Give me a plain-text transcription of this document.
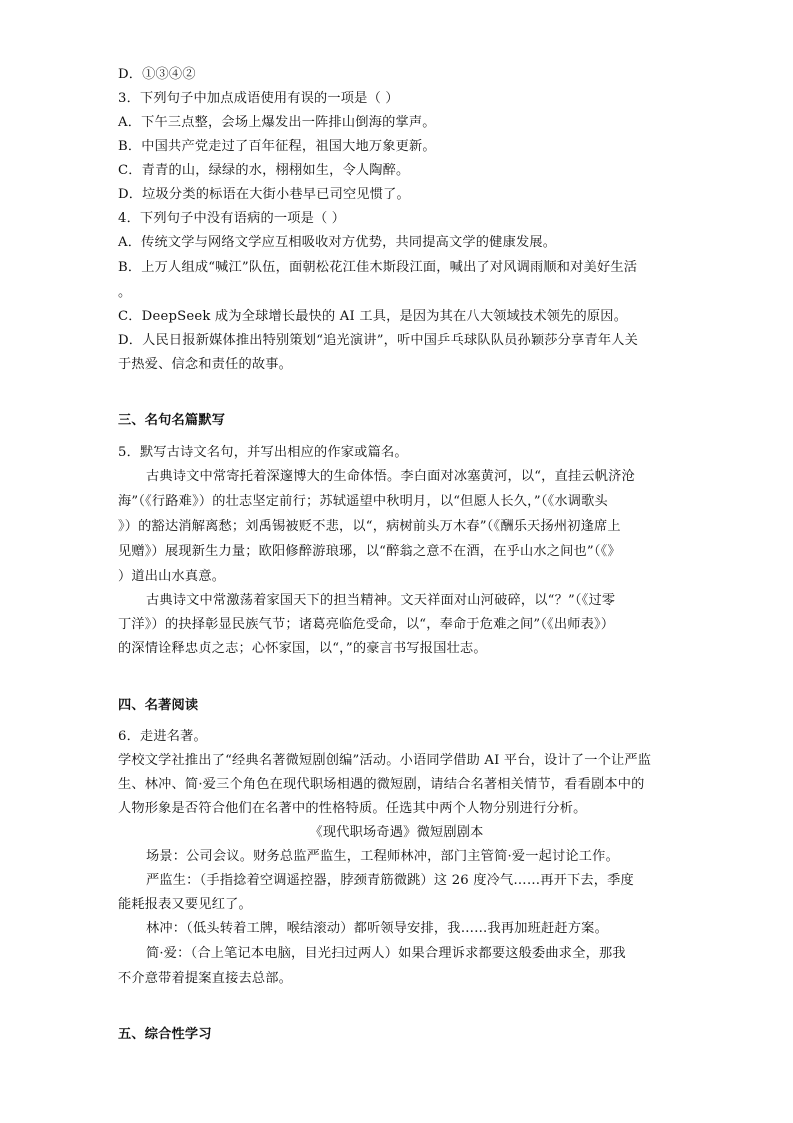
D．①③④②
3．下列句子中加点成语使用有误的一项是（ ）
A．下午三点整，会场上爆发出一阵排山倒海的掌声。
B．中国共产党走过了百年征程，祖国大地万象更新。
C．青青的山，绿绿的水，栩栩如生，令人陶醉。
D．垃圾分类的标语在大街小巷早已司空见惯了。
4．下列句子中没有语病的一项是（ ）
A．传统文学与网络文学应互相吸收对方优势，共同提高文学的健康发展。
B．上万人组成“喊江”队伍，面朝松花江佳木斯段江面，喊出了对风调雨顺和对美好生活
。
C．DeepSeek 成为全球增长最快的 AI 工具，是因为其在八大领域技术领先的原因。
D．人民日报新媒体推出特别策划“追光演讲”，听中国乒乓球队队员孙颖莎分享青年人关
于热爱、信念和责任的故事。
三、名句名篇默写
5．默写古诗文名句，并写出相应的作家或篇名。
古典诗文中常寄托着深邃博大的生命体悟。李白面对冰塞黄河，以“，直挂云帆济沧
海”（《行路难》）的壮志坚定前行；苏轼遥望中秋明月，以“但愿人长久，”（《水调歌头
》）的豁达消解离愁；刘禹锡被贬不悲，以“，病树前头万木春”（《酬乐天扬州初逢席上
见赠》）展现新生力量；欧阳修醉游琅琊，以“醉翁之意不在酒，在乎山水之间也”（《》
）道出山水真意。
古典诗文中常激荡着家国天下的担当精神。文天祥面对山河破碎，以“？”（《过零
丁洋》）的抉择彰显民族气节；诸葛亮临危受命，以“，奉命于危难之间”（《出师表》）
的深情诠释忠贞之志；心怀家国，以“，”的豪言书写报国壮志。
四、名著阅读
6．走进名著。
学校文学社推出了“经典名著微短剧创编”活动。小语同学借助 AI 平台，设计了一个让严监
生、林冲、简·爱三个角色在现代职场相遇的微短剧，请结合名著相关情节，看看剧本中的
人物形象是否符合他们在名著中的性格特质。任选其中两个人物分别进行分析。
《现代职场奇遇》微短剧剧本
场景：公司会议。财务总监严监生，工程师林冲，部门主管简·爱一起讨论工作。
严监生：（手指捻着空调遥控器，脖颈青筋微跳）这 26 度冷气……再开下去，季度
能耗报表又要见红了。
林冲：（低头转着工牌，喉结滚动）都听领导安排，我……我再加班赶赶方案。
简·爱：（合上笔记本电脑，目光扫过两人）如果合理诉求都要这般委曲求全，那我
不介意带着提案直接去总部。
五、综合性学习
